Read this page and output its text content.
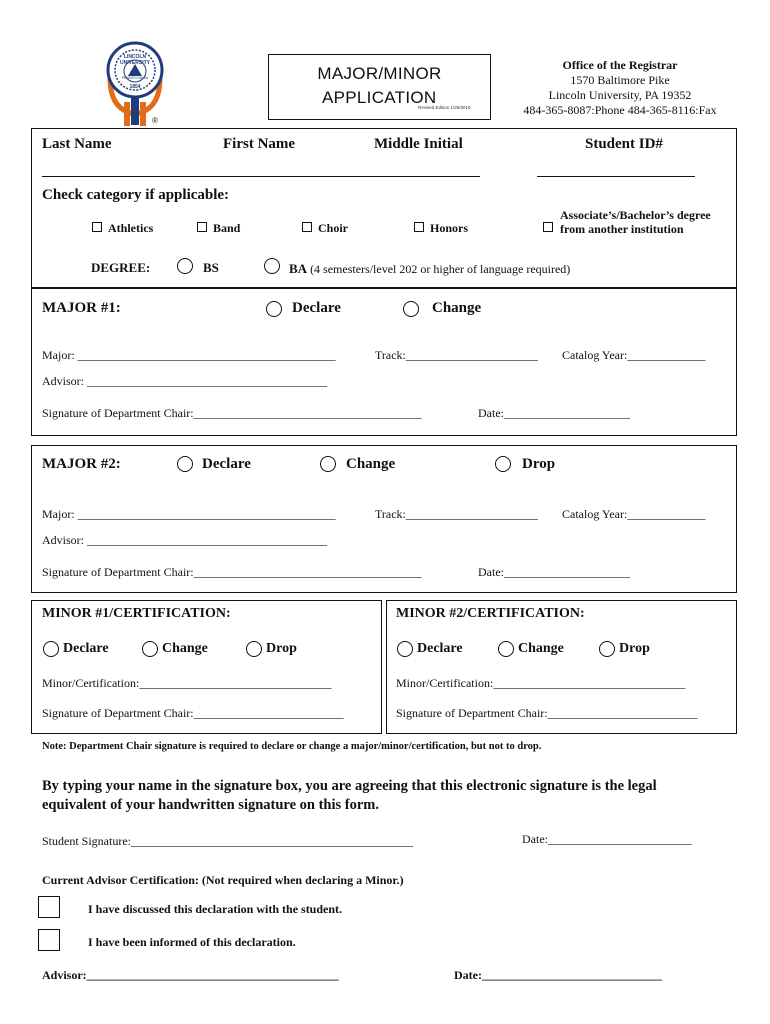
LINCOLN UNIVERSITY
PENNSYLVANIA
1854
®
MAJOR/MINOR
APPLICATION
Revised Edition 1/29/2019
Office of the Registrar
1570 Baltimore Pike
Lincoln University, PA 19352
484-365-8087:Phone 484-365-8116:Fax
Last Name	First Name	Middle Initial	Student ID#
Check category if applicable:
Athletics	Band	Choir	Honors
Associate’s/Bachelor’s degree
from another institution
DEGREE:	BS	BA (4 semesters/level 202 or higher of language required)
MAJOR #1:	Declare	Change
Major: ___________________________________________	Track:______________________ Catalog Year:_____________
Advisor: ________________________________________
Signature of Department Chair:______________________________________	Date:_____________________
MAJOR #2:	Declare	Change	Drop
Major: ___________________________________________	Track:______________________ Catalog Year:_____________
Advisor: ________________________________________
Signature of Department Chair:______________________________________	Date:_____________________
MINOR #1/CERTIFICATION:
Declare	Change	Drop
Minor/Certification:________________________________
Signature of Department Chair:_________________________
MINOR #2/CERTIFICATION:
Declare	Change	Drop
Minor/Certification:________________________________
Signature of Department Chair:_________________________
Note: Department Chair signature is required to declare or change a major/minor/certification, but not to drop.
By typing your name in the signature box, you are agreeing that this electronic signature is the legal
equivalent of your handwritten signature on this form.
Student Signature:_______________________________________________	Date:________________________
Current Advisor Certification: (Not required when declaring a Minor.)
I have discussed this declaration with the student.
I have been informed of this declaration.
Advisor:__________________________________________	Date:______________________________
